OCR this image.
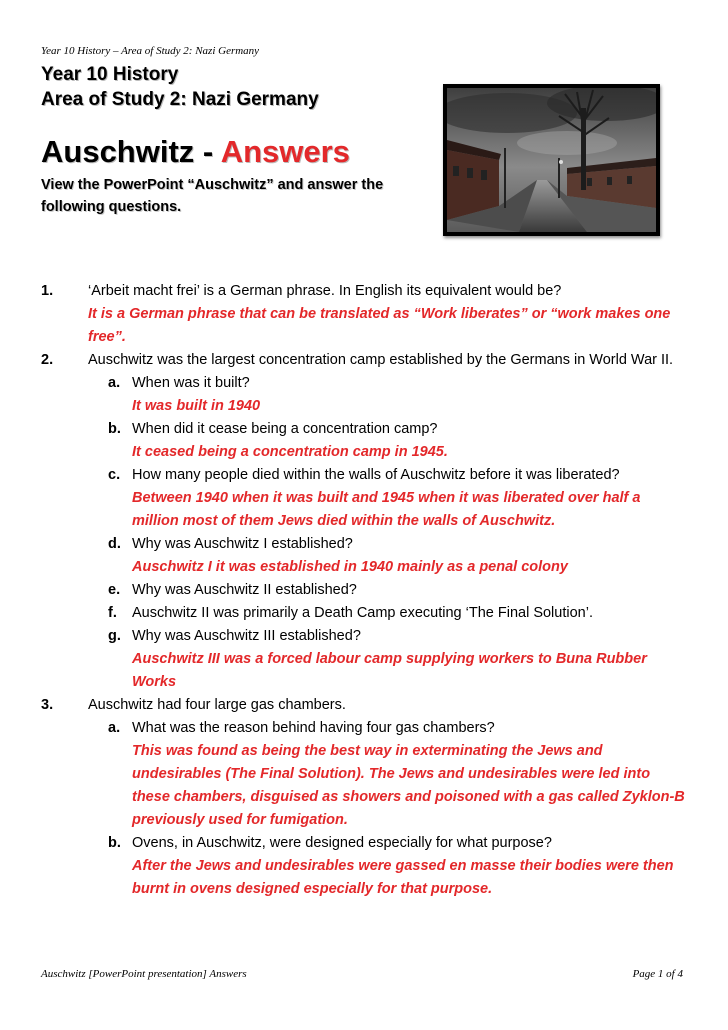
Year 10 History – Area of Study 2: Nazi Germany
Year 10 History
Area of Study 2: Nazi Germany
Auschwitz - Answers
View the PowerPoint “Auschwitz” and answer the following questions.
1. ‘Arbeit macht frei’ is a German phrase. In English its equivalent would be?
It is a German phrase that can be translated as “Work liberates” or “work makes one free”.
2. Auschwitz was the largest concentration camp established by the Germans in World War II.
a. When was it built?
It was built in 1940
b. When did it cease being a concentration camp?
It ceased being a concentration camp in 1945.
c. How many people died within the walls of Auschwitz before it was liberated?
Between 1940 when it was built and 1945 when it was liberated over half a million most of them Jews died within the walls of Auschwitz.
d. Why was Auschwitz I established?
Auschwitz I it was established in 1940 mainly as a penal colony
e. Why was Auschwitz II established?
f. Auschwitz II was primarily a Death Camp executing ‘The Final Solution’.
g. Why was Auschwitz III established?
Auschwitz III was a forced labour camp supplying workers to Buna Rubber Works
3. Auschwitz had four large gas chambers.
a. What was the reason behind having four gas chambers?
This was found as being the best way in exterminating the Jews and undesirables (The Final Solution). The Jews and undesirables were led into these chambers, disguised as showers and poisoned with a gas called Zyklon-B previously used for fumigation.
b. Ovens, in Auschwitz, were designed especially for what purpose?
After the Jews and undesirables were gassed en masse their bodies were then burnt in ovens designed especially for that purpose.
Auschwitz [PowerPoint presentation] Answers	Page 1 of 4
